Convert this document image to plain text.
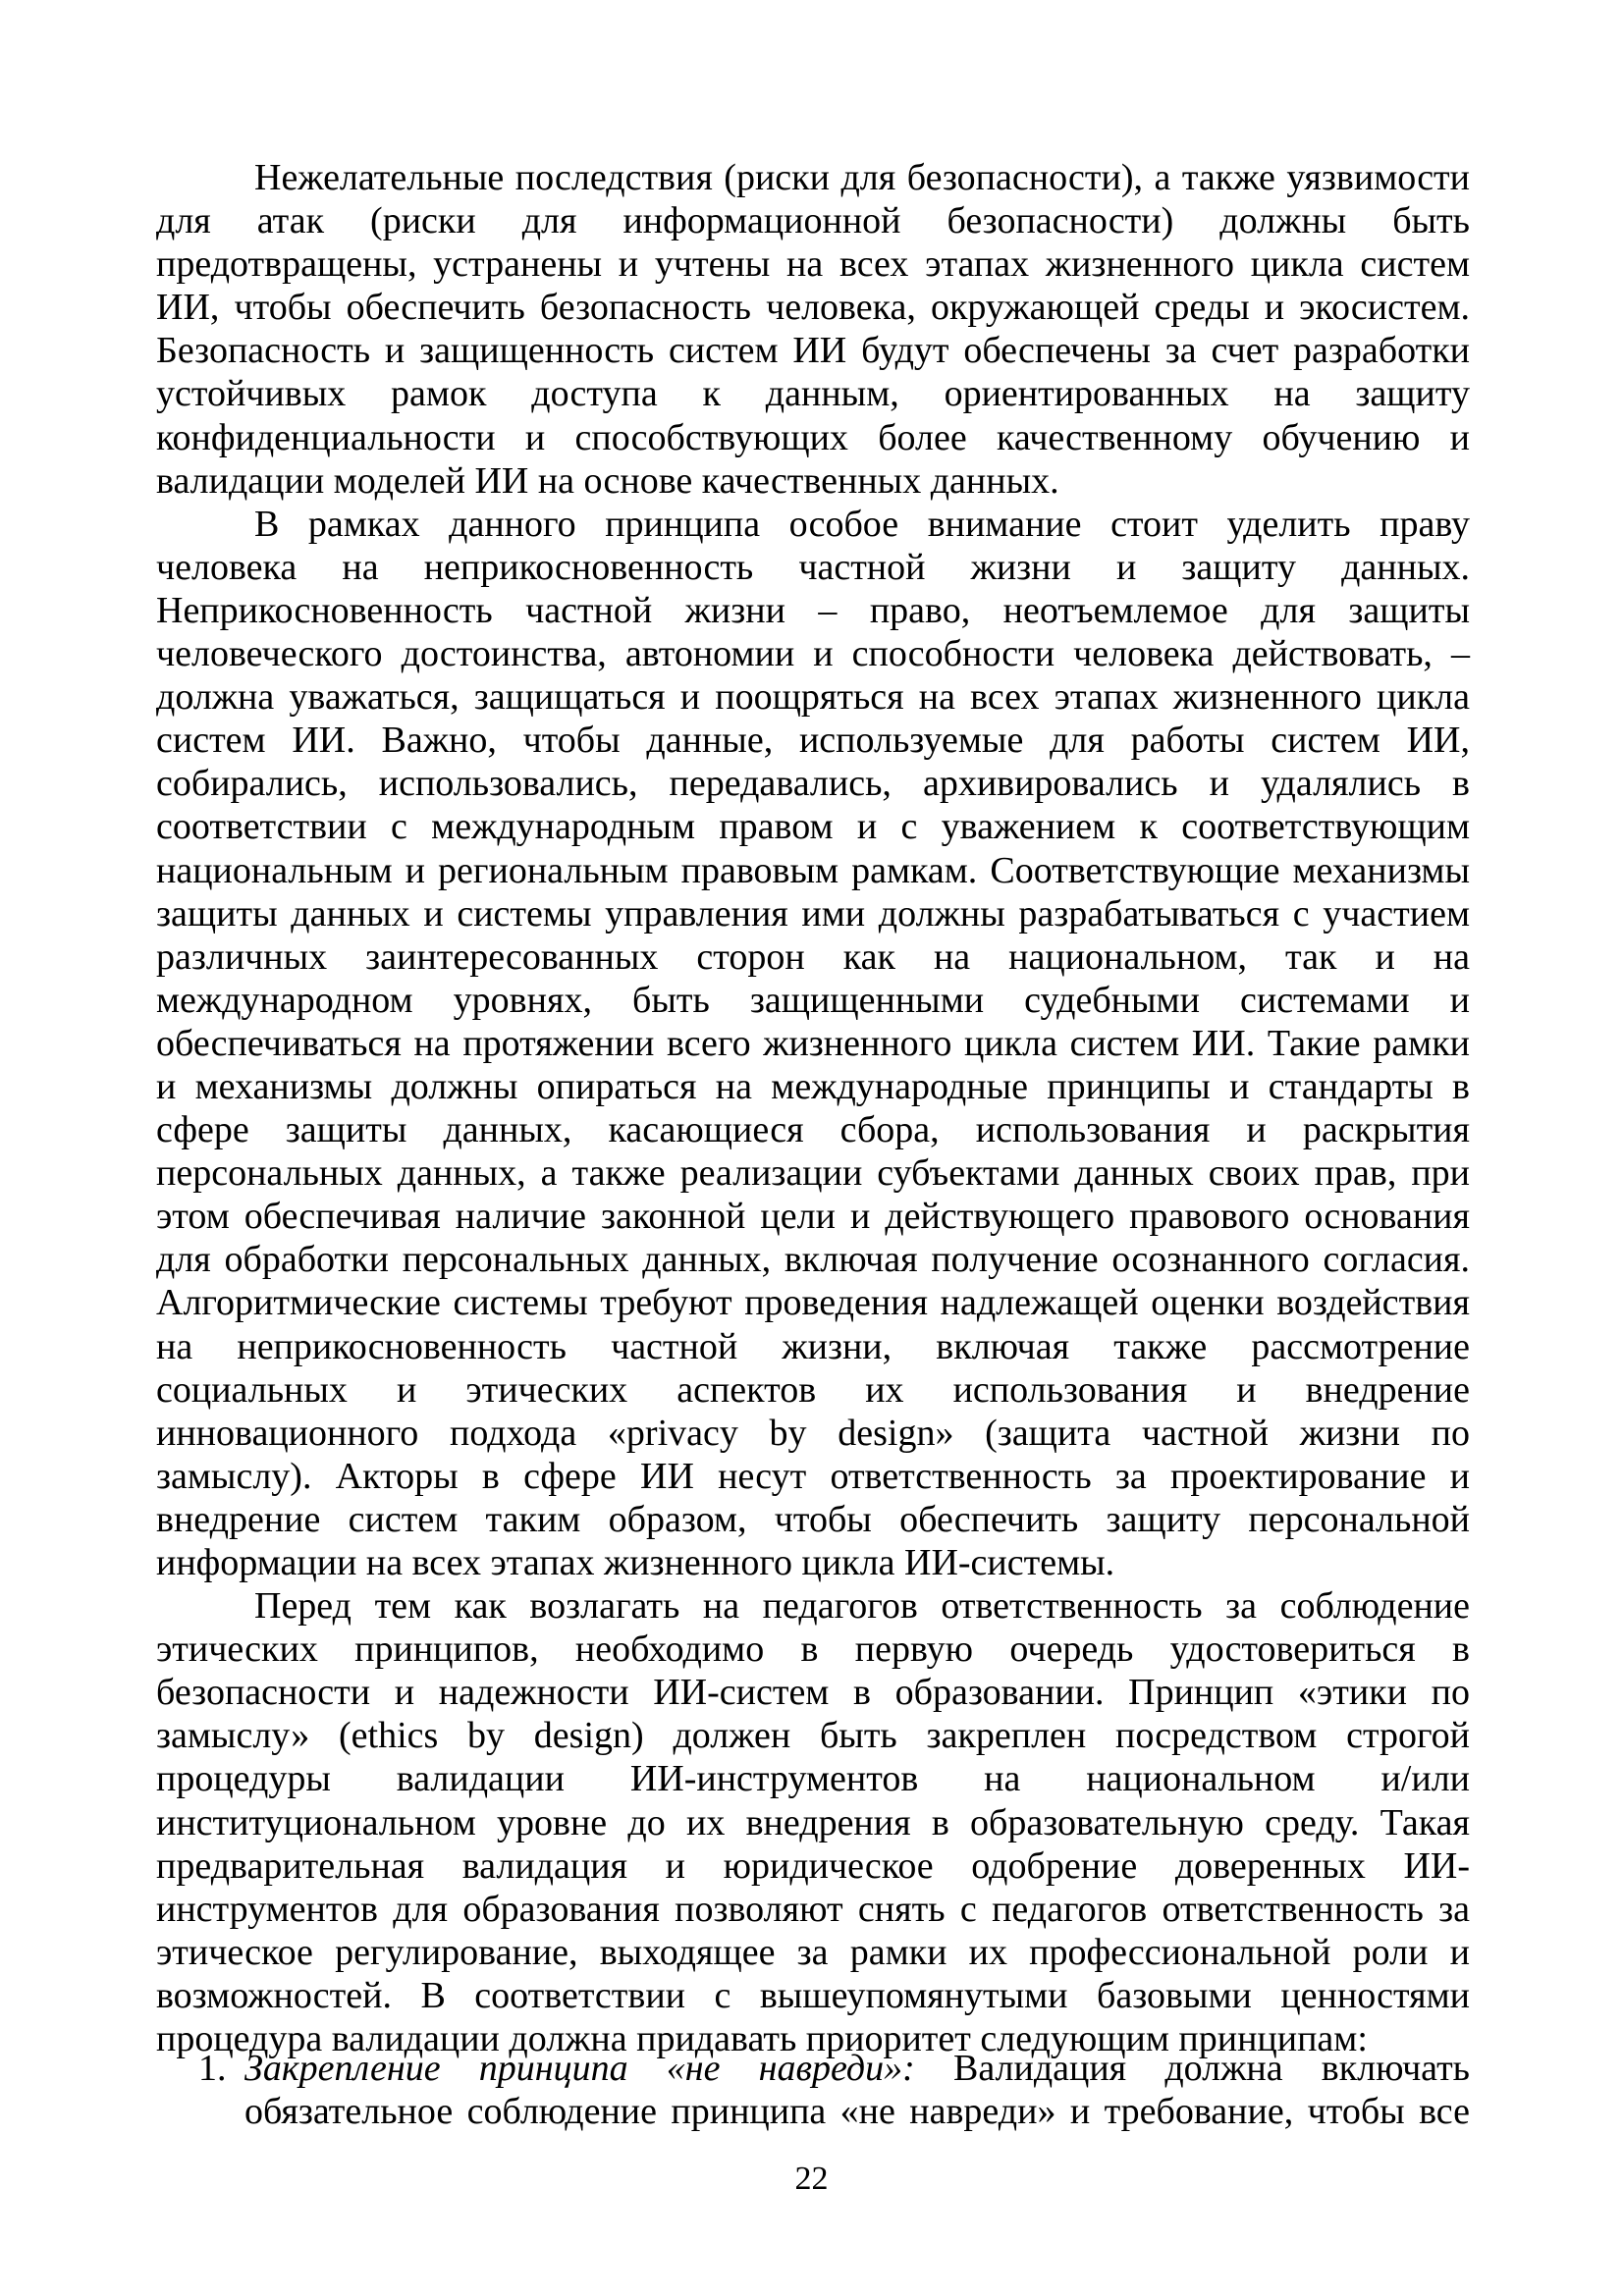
Нежелательные последствия (риски для безопасности), а также уязвимости
для атак (риски для информационной безопасности) должны быть
предотвращены, устранены и учтены на всех этапах жизненного цикла систем
ИИ, чтобы обеспечить безопасность человека, окружающей среды и экосистем.
Безопасность и защищенность систем ИИ будут обеспечены за счет разработки
устойчивых рамок доступа к данным, ориентированных на защиту
конфиденциальности и способствующих более качественному обучению и
валидации моделей ИИ на основе качественных данных.
В рамках данного принципа особое внимание стоит уделить праву
человека на неприкосновенность частной жизни и защиту данных.
Неприкосновенность частной жизни – право, неотъемлемое для защиты
человеческого достоинства, автономии и способности человека действовать, –
должна уважаться, защищаться и поощряться на всех этапах жизненного цикла
систем ИИ. Важно, чтобы данные, используемые для работы систем ИИ,
собирались, использовались, передавались, архивировались и удалялись в
соответствии с международным правом и с уважением к соответствующим
национальным и региональным правовым рамкам. Соответствующие механизмы
защиты данных и системы управления ими должны разрабатываться с участием
различных заинтересованных сторон как на национальном, так и на
международном уровнях, быть защищенными судебными системами и
обеспечиваться на протяжении всего жизненного цикла систем ИИ. Такие рамки
и механизмы должны опираться на международные принципы и стандарты в
сфере защиты данных, касающиеся сбора, использования и раскрытия
персональных данных, а также реализации субъектами данных своих прав, при
этом обеспечивая наличие законной цели и действующего правового основания
для обработки персональных данных, включая получение осознанного согласия.
Алгоритмические системы требуют проведения надлежащей оценки воздействия
на неприкосновенность частной жизни, включая также рассмотрение
социальных и этических аспектов их использования и внедрение
инновационного подхода «privacy by design» (защита частной жизни по
замыслу). Акторы в сфере ИИ несут ответственность за проектирование и
внедрение систем таким образом, чтобы обеспечить защиту персональной
информации на всех этапах жизненного цикла ИИ-системы.
Перед тем как возлагать на педагогов ответственность за соблюдение
этических принципов, необходимо в первую очередь удостовериться в
безопасности и надежности ИИ-систем в образовании. Принцип «этики по
замыслу» (ethics by design) должен быть закреплен посредством строгой
процедуры валидации ИИ-инструментов на национальном и/или
институциональном уровне до их внедрения в образовательную среду. Такая
предварительная валидация и юридическое одобрение доверенных ИИ-
инструментов для образования позволяют снять с педагогов ответственность за
этическое регулирование, выходящее за рамки их профессиональной роли и
возможностей. В соответствии с вышеупомянутыми базовыми ценностями
процедура валидации должна придавать приоритет следующим принципам:
1. Закрепление принципа «не навреди»: Валидация должна включать
обязательное соблюдение принципа «не навреди» и требование, чтобы все
22
